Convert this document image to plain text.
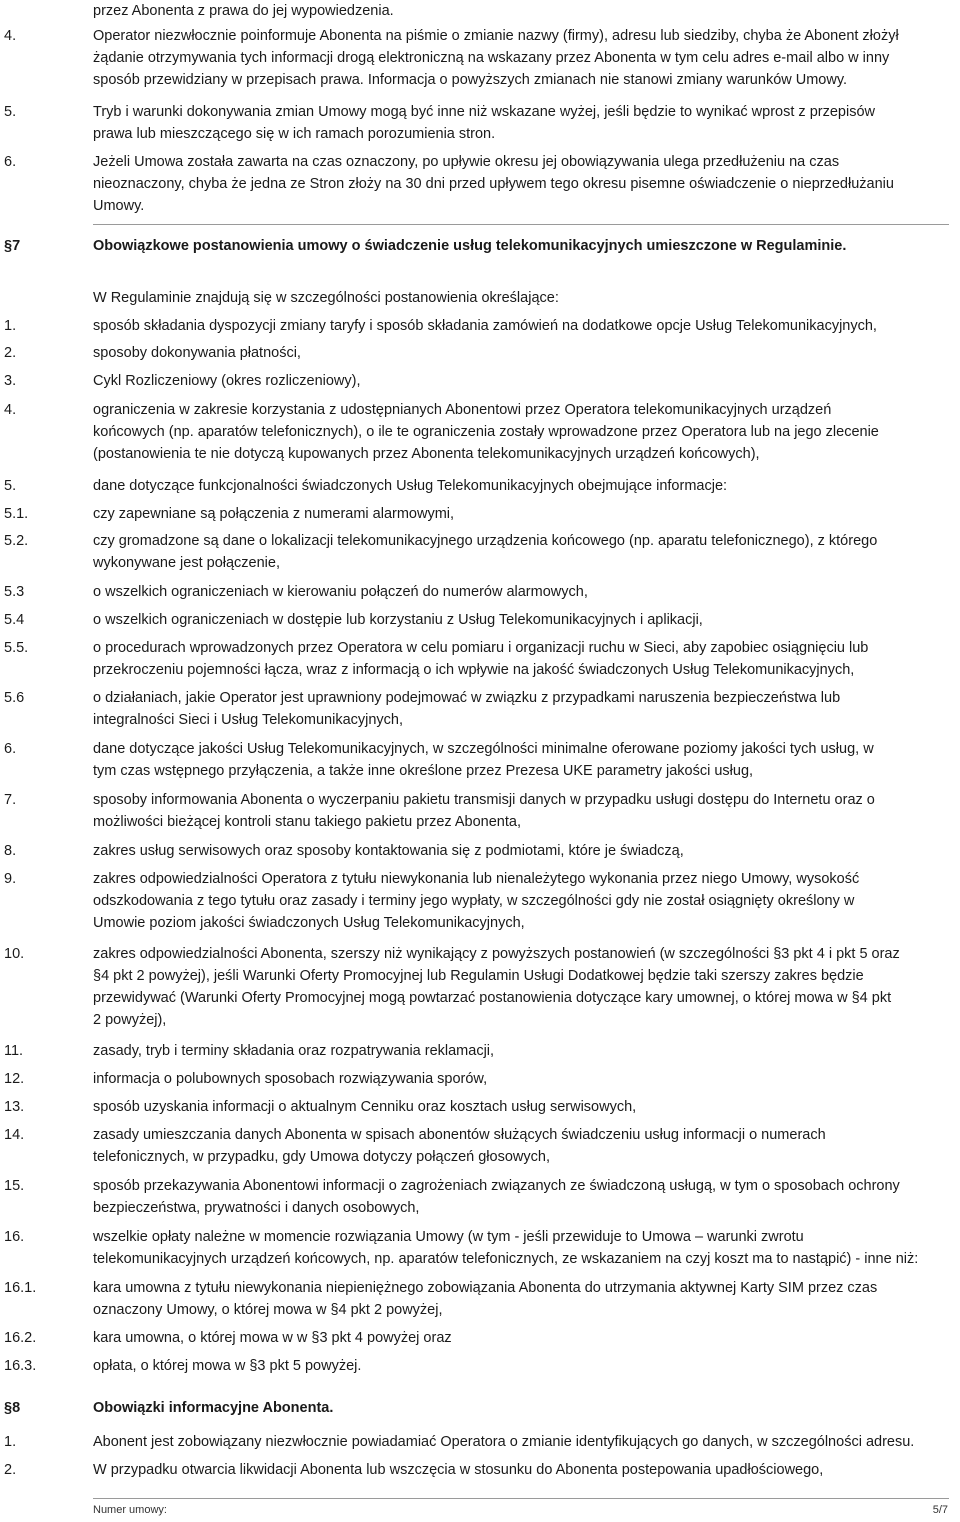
przez Abonenta z prawa do jej wypowiedzenia.
4.	Operator niezwłocznie poinformuje Abonenta na piśmie o zmianie nazwy (firmy), adresu lub siedziby, chyba że Abonent złożył
żądanie otrzymywania tych informacji drogą elektroniczną na wskazany przez Abonenta w tym celu adres e-mail albo w inny
sposób przewidziany w przepisach prawa. Informacja o powyższych zmianach nie stanowi zmiany warunków Umowy.
5.	Tryb i warunki dokonywania zmian Umowy mogą być inne niż wskazane wyżej, jeśli będzie to wynikać wprost z przepisów
prawa lub mieszczącego się w ich ramach porozumienia stron.
6.	Jeżeli Umowa została zawarta na czas oznaczony, po upływie okresu jej obowiązywania ulega przedłużeniu na czas
nieoznaczony, chyba że jedna ze Stron złoży na 30 dni przed upływem tego okresu pisemne oświadczenie o nieprzedłużaniu
Umowy.
§7	Obowiązkowe postanowienia umowy o świadczenie usług telekomunikacyjnych umieszczone w Regulaminie.
W Regulaminie znajdują się w szczególności postanowienia określające:
1.	sposób składania dyspozycji zmiany taryfy i sposób składania zamówień na dodatkowe opcje Usług Telekomunikacyjnych,
2.	sposoby dokonywania płatności,
3.	Cykl Rozliczeniowy (okres rozliczeniowy),
4.	ograniczenia w zakresie korzystania z udostępnianych Abonentowi przez Operatora telekomunikacyjnych urządzeń
końcowych (np. aparatów telefonicznych), o ile te ograniczenia zostały wprowadzone przez Operatora lub na jego zlecenie
(postanowienia te nie dotyczą kupowanych przez Abonenta telekomunikacyjnych urządzeń końcowych),
5.	dane dotyczące funkcjonalności świadczonych Usług Telekomunikacyjnych obejmujące informacje:
5.1.	czy zapewniane są połączenia z numerami alarmowymi,
5.2.	czy gromadzone są dane o lokalizacji telekomunikacyjnego urządzenia końcowego (np. aparatu telefonicznego), z którego
wykonywane jest połączenie,
5.3	o wszelkich ograniczeniach w kierowaniu połączeń do numerów alarmowych,
5.4	o wszelkich ograniczeniach w dostępie lub korzystaniu z Usług Telekomunikacyjnych i aplikacji,
5.5.	o procedurach wprowadzonych przez Operatora w celu pomiaru i organizacji ruchu w Sieci, aby zapobiec osiągnięciu lub
przekroczeniu pojemności łącza, wraz z informacją o ich wpływie na jakość świadczonych Usług Telekomunikacyjnych,
5.6	o działaniach, jakie Operator jest uprawniony podejmować w związku z przypadkami naruszenia bezpieczeństwa lub
integralności Sieci i Usług Telekomunikacyjnych,
6.	dane dotyczące jakości Usług Telekomunikacyjnych, w szczególności minimalne oferowane poziomy jakości tych usług, w
tym czas wstępnego przyłączenia, a także inne określone przez Prezesa UKE parametry jakości usług,
7.	sposoby informowania Abonenta o wyczerpaniu pakietu transmisji danych w przypadku usługi dostępu do Internetu oraz o
możliwości bieżącej kontroli stanu takiego pakietu przez Abonenta,
8.	zakres usług serwisowych oraz sposoby kontaktowania się z podmiotami, które je świadczą,
9.	zakres odpowiedzialności Operatora z tytułu niewykonania lub nienależytego wykonania przez niego Umowy, wysokość
odszkodowania z tego tytułu oraz zasady i terminy jego wypłaty, w szczególności gdy nie został osiągnięty określony w
Umowie poziom jakości świadczonych Usług Telekomunikacyjnych,
10.	zakres odpowiedzialności Abonenta, szerszy niż wynikający z powyższych postanowień (w szczególności §3 pkt 4 i pkt 5 oraz
§4 pkt 2 powyżej), jeśli Warunki Oferty Promocyjnej lub Regulamin Usługi Dodatkowej będzie taki szerszy zakres będzie
przewidywać (Warunki Oferty Promocyjnej mogą powtarzać postanowienia dotyczące kary umownej, o której mowa w §4 pkt
2 powyżej),
11.	zasady, tryb i terminy składania oraz rozpatrywania reklamacji,
12.	informacja o polubownych sposobach rozwiązywania sporów,
13.	sposób uzyskania informacji o aktualnym Cenniku oraz kosztach usług serwisowych,
14.	zasady umieszczania danych Abonenta w spisach abonentów służących świadczeniu usług informacji o numerach
telefonicznych, w przypadku, gdy Umowa dotyczy połączeń głosowych,
15.	sposób przekazywania Abonentowi informacji o zagrożeniach związanych ze świadczoną usługą, w tym o sposobach ochrony
bezpieczeństwa, prywatności i danych osobowych,
16.	wszelkie opłaty należne w momencie rozwiązania Umowy (w tym - jeśli przewiduje to Umowa – warunki zwrotu
telekomunikacyjnych urządzeń końcowych, np. aparatów telefonicznych, ze wskazaniem na czyj koszt ma to nastąpić) - inne niż:
16.1.	kara umowna z tytułu niewykonania niepieniężnego zobowiązania Abonenta do utrzymania aktywnej Karty SIM przez czas
oznaczony Umowy, o której mowa w §4 pkt 2 powyżej,
16.2.	kara umowna, o której mowa w w §3 pkt 4 powyżej oraz
16.3.	opłata, o której mowa w §3 pkt 5 powyżej.
§8	Obowiązki informacyjne Abonenta.
1.	Abonent jest zobowiązany niezwłocznie powiadamiać Operatora o zmianie identyfikujących go danych, w szczególności adresu.
2.	W przypadku otwarcia likwidacji Abonenta lub wszczęcia w stosunku do Abonenta postepowania upadłościowego,
Numer umowy:	5/7
